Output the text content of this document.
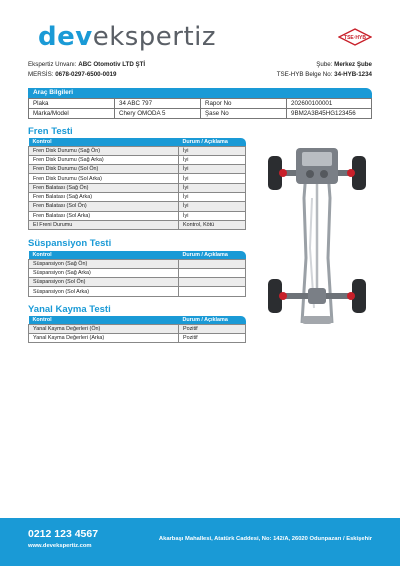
devekspertiz	TSE·HYB
Ekspertiz Unvanı: ABC Otomotiv LTD ŞTİ
MERSİS: 0678-0297-6500-0019
Şube: Merkez Şube
TSE-HYB Belge No: 34-HYB-1234
Araç Bilgileri
Plaka	34 ABC 797	Rapor No	202600100001
Marka/Model	Chery OMODA 5	Şase No	9BM2A3B45HG123456
Fren Testi
Kontrol	Durum / Açıklama
Fren Disk Durumu (Sağ Ön)	İyi
Fren Disk Durumu (Sağ Arka)	İyi
Fren Disk Durumu (Sol Ön)	İyi
Fren Disk Durumu (Sol Arka)	İyi
Fren Balatası (Sağ Ön)	İyi
Fren Balatası (Sağ Arka)	İyi
Fren Balatası (Sol Ön)	İyi
Fren Balatası (Sol Arka)	İyi
El Freni Durumu	Kontrol, Kötü
Süspansiyon Testi
Kontrol	Durum / Açıklama
Süspansiyon (Sağ Ön)	
Süspansiyon (Sağ Arka)	
Süspansiyon (Sol Ön)	
Süspansiyon (Sol Arka)	
Yanal Kayma Testi
Kontrol	Durum / Açıklama
Yanal Kayma Değerleri (Ön)	Pozitif
Yanal Kayma Değerleri (Arka)	Pozitif
0212 123 4567
www.devekspertiz.com
Akarbaşı Mahallesi, Atatürk Caddesi, No: 142/A, 26020 Odunpazarı / Eskişehir
